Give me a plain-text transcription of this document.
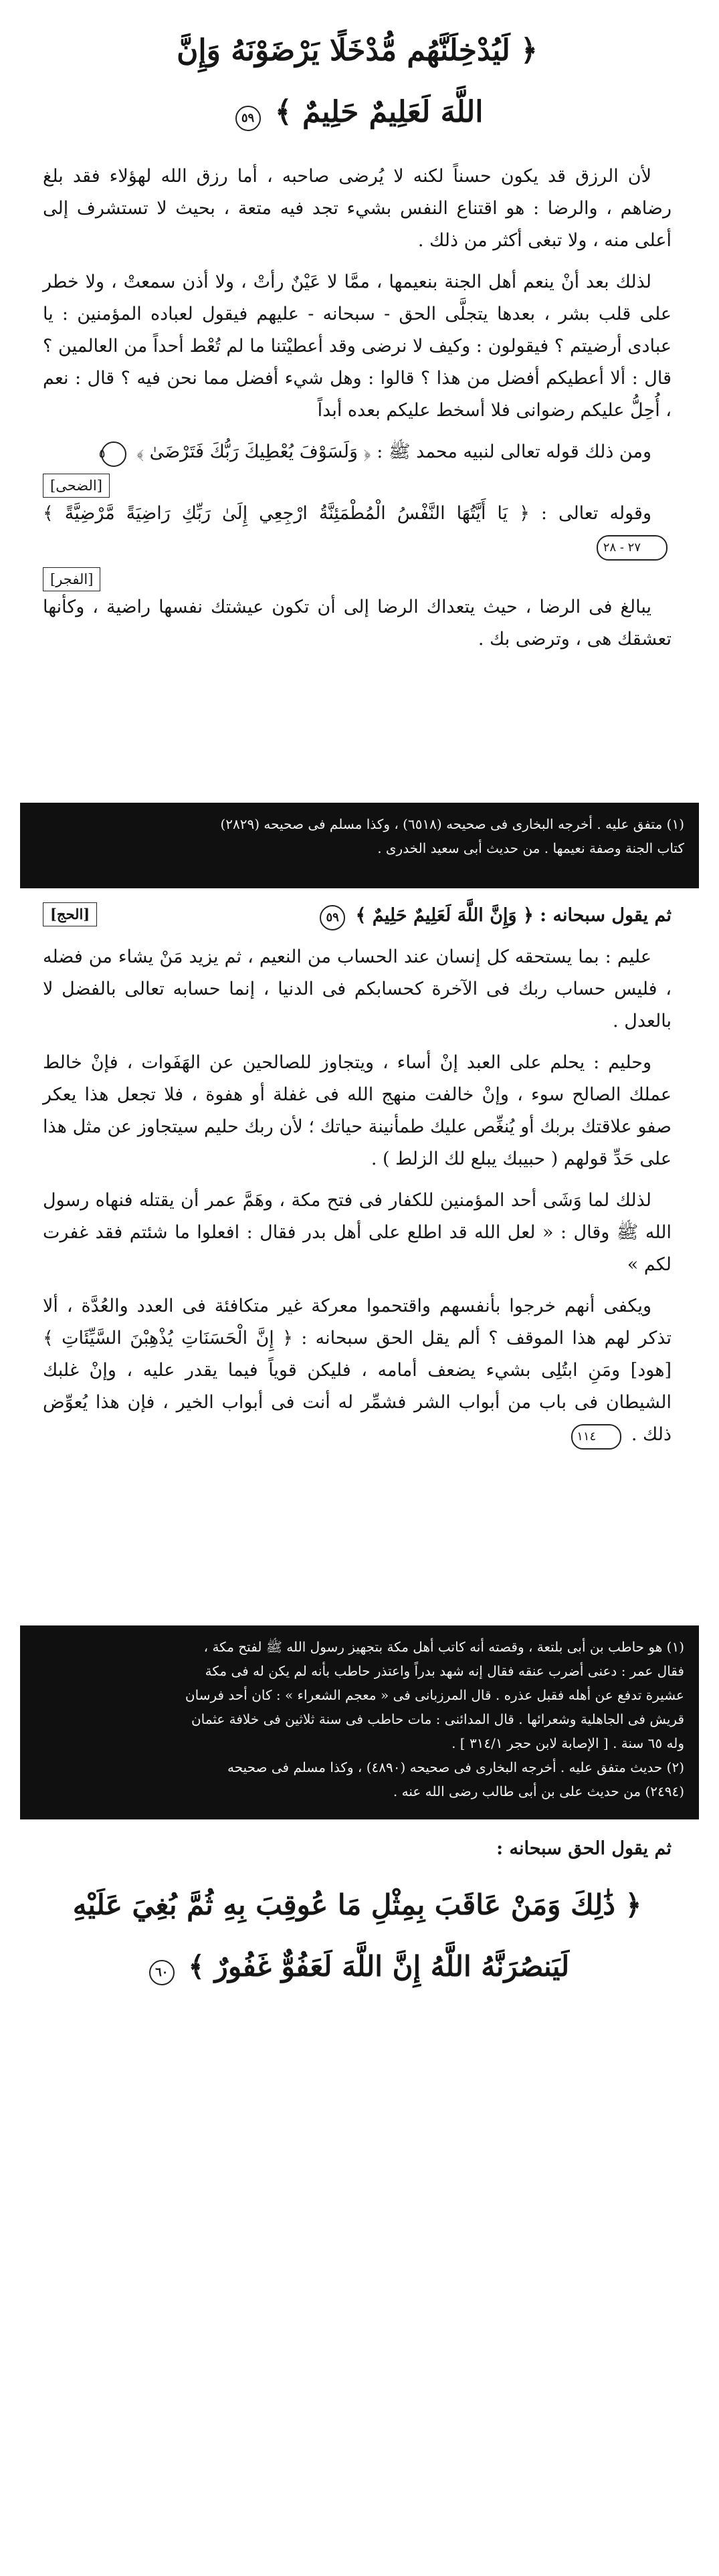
﴿ لَيُدْخِلَنَّهُم مُّدْخَلًا يَرْضَوْنَهُ وَإِنَّ
اللَّهَ لَعَلِيمٌ حَلِيمٌ ﴾ ٥٩

لأن الرزق قد يكون حسناً لكنه لا يُرضى صاحبه ، أما رزق الله لهؤلاء فقد بلغ رضاهم ، والرضا : هو اقتناع النفس بشيء تجد فيه متعة ، بحيث لا تستشرف إلى أعلى منه ، ولا تبغى أكثر من ذلك .

لذلك بعد أنْ ينعم أهل الجنة بنعيمها ، ممَّا لا عَيْنٌ رأتْ ، ولا أذن سمعتْ ، ولا خطر على قلب بشر ، بعدها يتجلَّى الحق - سبحانه - عليهم فيقول لعباده المؤمنين : يا عبادى أرضيتم ؟ فيقولون : وكيف لا نرضى وقد أعطيْتنا ما لم تُعْط أحداً من العالمين ؟ قال : ألا أعطيكم أفضل من هذا ؟ قالوا : وهل شيء أفضل مما نحن فيه ؟ قال : نعم ، أُحِلُّ عليكم رضوانى فلا أسخط عليكم بعده أبداً

ومن ذلك قوله تعالى لنبيه محمد ﷺ : ﴿ وَلَسَوْفَ يُعْطِيكَ رَبُّكَ فَتَرْضَىٰ ﴾ ٥

[الضحى]

وقوله تعالى : ﴿ يَا أَيَّتُهَا النَّفْسُ الْمُطْمَئِنَّةُ ارْجِعِي إِلَىٰ رَبِّكِ رَاضِيَةً مَّرْضِيَّةً ﴾ ٢٧ - ٢٨

[الفجر]

يبالغ فى الرضا ، حيث يتعداك الرضا إلى أن تكون عيشتك نفسها راضية ، وكأنها تعشقك هى ، وترضى بك .

(١) متفق عليه . أخرجه البخارى فى صحيحه (٦٥١٨) ، وكذا مسلم فى صحيحه (٢٨٢٩)

كتاب الجنة وصفة نعيمها . من حديث أبى سعيد الخدرى .

ثم يقول سبحانه : ﴿ وَإِنَّ اللَّهَ لَعَلِيمٌ حَلِيمٌ ﴾ ٥٩
[الحج]

عليم : بما يستحقه كل إنسان عند الحساب من النعيم ، ثم يزيد مَنْ يشاء من فضله ، فليس حساب ربك فى الآخرة كحسابكم فى الدنيا ، إنما حسابه تعالى بالفضل لا بالعدل .

وحليم : يحلم على العبد إنْ أساء ، ويتجاوز للصالحين عن الهَفَوات ، فإنْ خالط عملك الصالح سوء ، وإنْ خالفت منهج الله فى غفلة أو هفوة ، فلا تجعل هذا يعكر صفو علاقتك بربك أو يُنغِّص عليك طمأنينة حياتك ؛ لأن ربك حليم سيتجاوز عن مثل هذا على حَدِّ قولهم ( حبيبك يبلع لك الزلط ) .

لذلك لما وَشَى أحد المؤمنين للكفار فى فتح مكة ، وهَمَّ عمر أن يقتله فنهاه رسول الله ﷺ وقال : « لعل الله قد اطلع على أهل بدر فقال : افعلوا ما شئتم فقد غفرت لكم »

ويكفى أنهم خرجوا بأنفسهم واقتحموا معركة غير متكافئة فى العدد والعُدَّة ، ألا تذكر لهم هذا الموقف ؟ ألم يقل الحق سبحانه : ﴿ إِنَّ الْحَسَنَاتِ يُذْهِبْنَ السَّيِّئَاتِ ﴾ [هود] ومَنِ ابتُلِى بشيء يضعف أمامه ، فليكن قوياً فيما يقدر عليه ، وإنْ غلبك الشيطان فى باب من أبواب الشر فشمِّر له أنت فى أبواب الخير ، فإن هذا يُعوِّض ذلك . ١١٤

(١) هو حاطب بن أبى بلتعة ، وقصته أنه كاتب أهل مكة بتجهيز رسول الله ﷺ لفتح مكة ،

فقال عمر : دعنى أضرب عنقه فقال إنه شهد بدراً واعتذر حاطب بأنه لم يكن له فى مكة

عشيرة تدفع عن أهله فقبل عذره . قال المرزبانى فى « معجم الشعراء » : كان أحد فرسان

قريش فى الجاهلية وشعرائها . قال المدائنى : مات حاطب فى سنة ثلاثين فى خلافة عثمان

وله ٦٥ سنة . [ الإصابة لابن حجر ٣١٤/١ ] .

(٢) حديث متفق عليه . أخرجه البخارى فى صحيحه (٤٨٩٠) ، وكذا مسلم فى صحيحه

(٢٤٩٤) من حديث على بن أبى طالب رضى الله عنه .

ثم يقول الحق سبحانه :

﴿ ذَٰلِكَ وَمَنْ عَاقَبَ بِمِثْلِ مَا عُوقِبَ بِهِ ثُمَّ بُغِيَ عَلَيْهِ
لَيَنصُرَنَّهُ اللَّهُ إِنَّ اللَّهَ لَعَفُوٌّ غَفُورٌ ﴾ ٦٠
